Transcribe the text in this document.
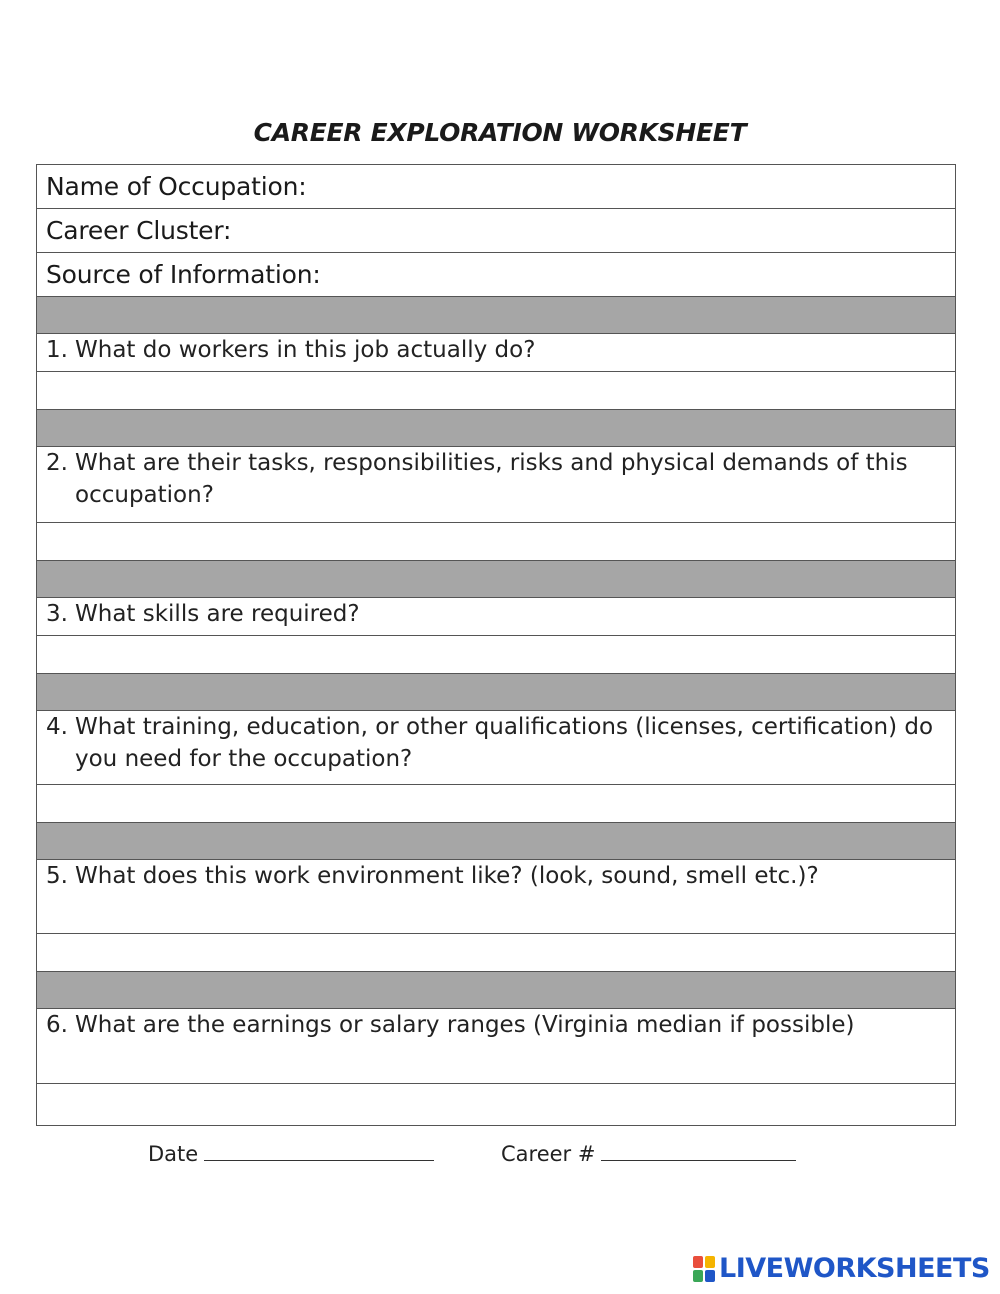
CAREER EXPLORATION WORKSHEET
Name of Occupation:
Career Cluster:
Source of Information:

1. What do workers in this job actually do?

2. What are their tasks, responsibilities, risks and physical demands of this occupation?

3. What skills are required?

4. What training, education, or other qualifications (licenses, certification) do you need for the occupation?

5. What does this work environment like? (look, sound, smell etc.)?

6. What are the earnings or salary ranges (Virginia median if possible)

Date	Career #
LIVEWORKSHEETS
